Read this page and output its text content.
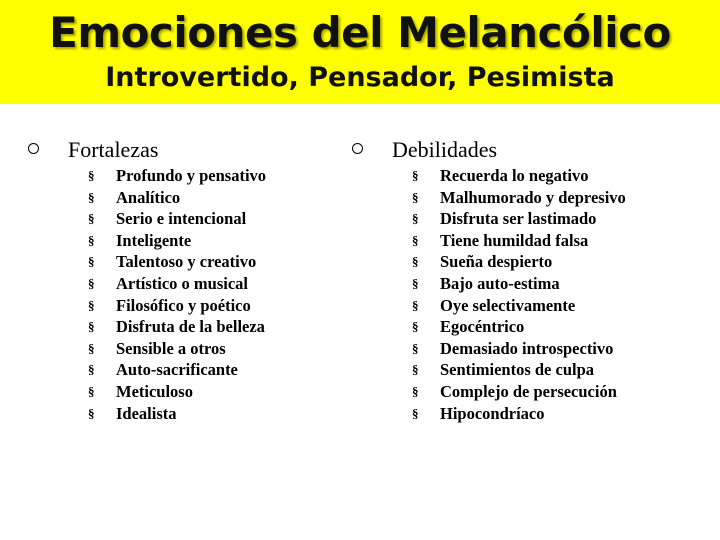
Emociones del Melancólico
Introvertido, Pensador, Pesimista
Fortalezas
§ Profundo y pensativo
§ Analítico
§ Serio e intencional
§ Inteligente
§ Talentoso y creativo
§ Artístico o musical
§ Filosófico y poético
§ Disfruta de la belleza
§ Sensible a otros
§ Auto-sacrificante
§ Meticuloso
§ Idealista
Debilidades
§ Recuerda lo negativo
§ Malhumorado y depresivo
§ Disfruta ser lastimado
§ Tiene humildad falsa
§ Sueña despierto
§ Bajo auto-estima
§ Oye selectivamente
§ Egocéntrico
§ Demasiado introspectivo
§ Sentimientos de culpa
§ Complejo de persecución
§ Hipocondríaco
